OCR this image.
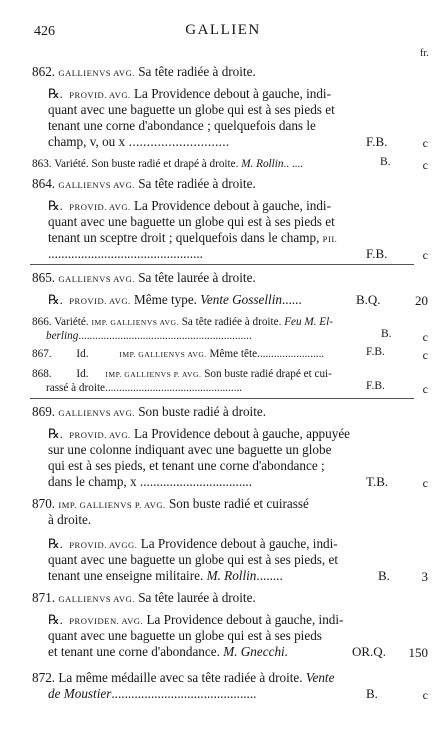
426	GALLIEN
fr.
862. GALLIENVS AVG. Sa tête radiée à droite.
℞. PROVID. AVG. La Providence debout à gauche, indi-
quant avec une baguette un globe qui est à ses pieds et
tenant une corne d'abondance ; quelquefois dans le
champ, v, ou x ............................	F.B.	c
863. Variété. Son buste radié et drapé à droite. M. Rollin.. ....	B.	c
864. GALLIENVS AVG. Sa tête radiée à droite.
℞. PROVID. AVG. La Providence debout à gauche, indi-
quant avec une baguette un globe qui est à ses pieds et
tenant un sceptre droit ; quelquefois dans le champ, PII.
...............................................	F.B.	c
865. GALLIENVS AVG. Sa tête laurée à droite.
℞. PROVID. AVG. Même type. Vente Gossellin......	B.Q.	20
866. Variété. IMP. GALLIENVS AVG. Sa tête radiée à droite. Feu M. El-
berling..............................................................	B.	c
867. Id.	IMP. GALLIENVS AVG. Même tête........................	F.B.	c
868. Id. IMP. GALLIENVS P. AVG. Son buste radié drapé et cui-
rassé à droite.................................................	F.B.	c
869. GALLIENVS AVG. Son buste radié à droite.
℞. PROVID. AVG. La Providence debout à gauche, appuyée
sur une colonne indiquant avec une baguette un globe
qui est à ses pieds, et tenant une corne d'abondance ;
dans le champ, x ..................................	T.B.	c
870. IMP. GALLIENVS P. AVG. Son buste radié et cuirassé
à droite.
℞. PROVID. AVGG. La Providence debout à gauche, indi-
quant avec une baguette un globe qui est à ses pieds, et
tenant une enseigne militaire. M. Rollin........	B. 3
871. GALLIENVS AVG. Sa tête laurée à droite.
℞. PROVIDEN. AVG. La Providence debout à gauche, indi-
quant avec une baguette un globe qui est à ses pieds
et tenant une corne d'abondance. M. Gnecchi.	OR.Q. 150
872. La même médaille avec sa tête radiée à droite. Vente
de Moustier............................................	B.	c
